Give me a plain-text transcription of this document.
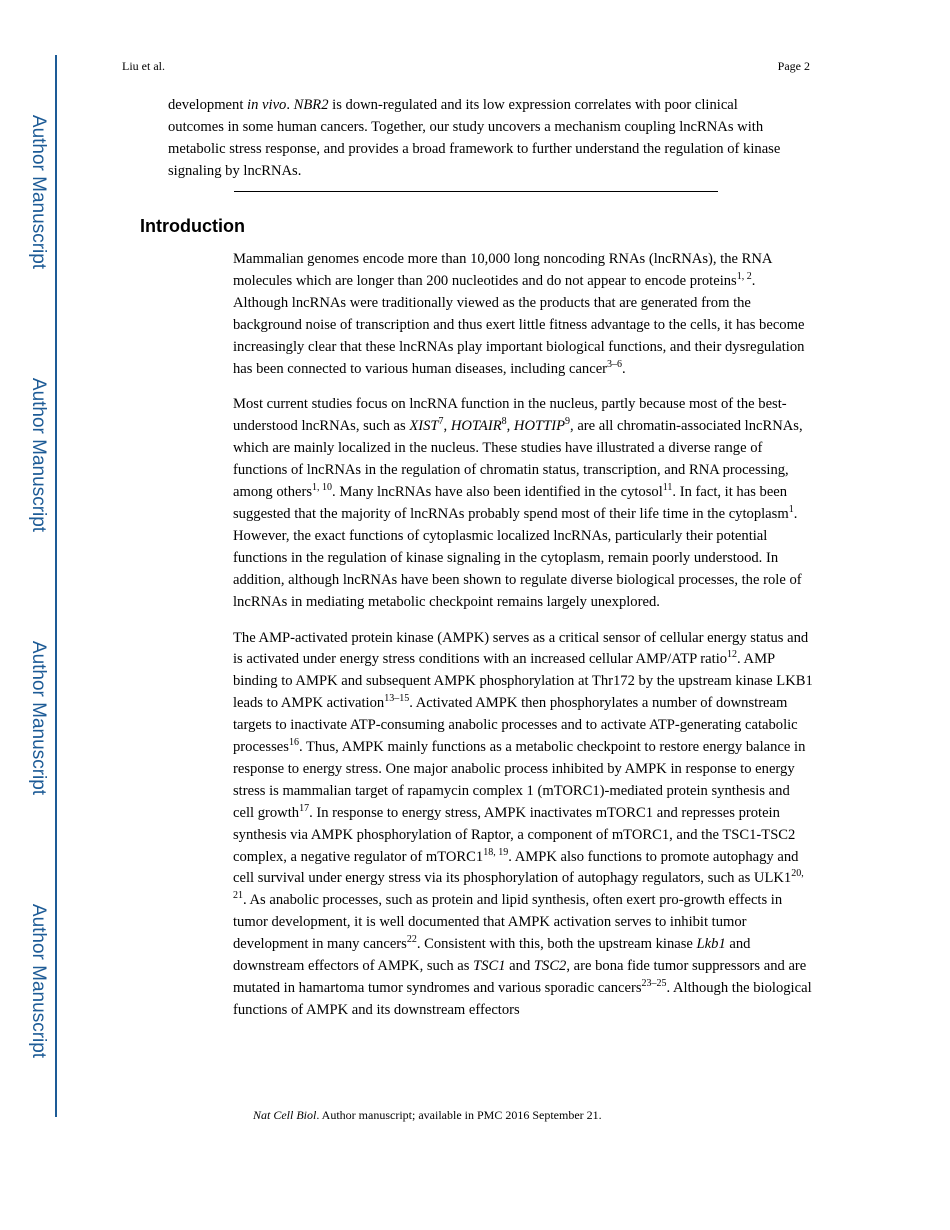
Author Manuscript
Author Manuscript
Author Manuscript
Author Manuscript
Liu et al.	Page 2

development in vivo. NBR2 is down-regulated and its low expression correlates with poor clinical outcomes in some human cancers. Together, our study uncovers a mechanism coupling lncRNAs with metabolic stress response, and provides a broad framework to further understand the regulation of kinase signaling by lncRNAs.

Introduction

Mammalian genomes encode more than 10,000 long noncoding RNAs (lncRNAs), the RNA molecules which are longer than 200 nucleotides and do not appear to encode proteins$^{1, 2}$. Although lncRNAs were traditionally viewed as the products that are generated from the background noise of transcription and thus exert little fitness advantage to the cells, it has become increasingly clear that these lncRNAs play important biological functions, and their dysregulation has been connected to various human diseases, including cancer$^{3-6}$.

Most current studies focus on lncRNA function in the nucleus, partly because most of the best-understood lncRNAs, such as XIST$^7$, HOTAIR$^8$, HOTTIP$^9$, are all chromatin-associated lncRNAs, which are mainly localized in the nucleus. These studies have illustrated a diverse range of functions of lncRNAs in the regulation of chromatin status, transcription, and RNA processing, among others$^{1, 10}$. Many lncRNAs have also been identified in the cytosol$^{11}$. In fact, it has been suggested that the majority of lncRNAs probably spend most of their life time in the cytoplasm$^1$. However, the exact functions of cytoplasmic localized lncRNAs, particularly their potential functions in the regulation of kinase signaling in the cytoplasm, remain poorly understood. In addition, although lncRNAs have been shown to regulate diverse biological processes, the role of lncRNAs in mediating metabolic checkpoint remains largely unexplored.

The AMP-activated protein kinase (AMPK) serves as a critical sensor of cellular energy status and is activated under energy stress conditions with an increased cellular AMP/ATP ratio$^{12}$. AMP binding to AMPK and subsequent AMPK phosphorylation at Thr172 by the upstream kinase LKB1 leads to AMPK activation$^{13-15}$. Activated AMPK then phosphorylates a number of downstream targets to inactivate ATP-consuming anabolic processes and to activate ATP-generating catabolic processes$^{16}$. Thus, AMPK mainly functions as a metabolic checkpoint to restore energy balance in response to energy stress. One major anabolic process inhibited by AMPK in response to energy stress is mammalian target of rapamycin complex 1 (mTORC1)-mediated protein synthesis and cell growth$^{17}$. In response to energy stress, AMPK inactivates mTORC1 and represses protein synthesis via AMPK phosphorylation of Raptor, a component of mTORC1, and the TSC1-TSC2 complex, a negative regulator of mTORC1$^{18, 19}$. AMPK also functions to promote autophagy and cell survival under energy stress via its phosphorylation of autophagy regulators, such as ULK1$^{20, 21}$. As anabolic processes, such as protein and lipid synthesis, often exert pro-growth effects in tumor development, it is well documented that AMPK activation serves to inhibit tumor development in many cancers$^{22}$. Consistent with this, both the upstream kinase Lkb1 and downstream effectors of AMPK, such as TSC1 and TSC2, are bona fide tumor suppressors and are mutated in hamartoma tumor syndromes and various sporadic cancers$^{23-25}$. Although the biological functions of AMPK and its downstream effectors

Nat Cell Biol. Author manuscript; available in PMC 2016 September 21.
